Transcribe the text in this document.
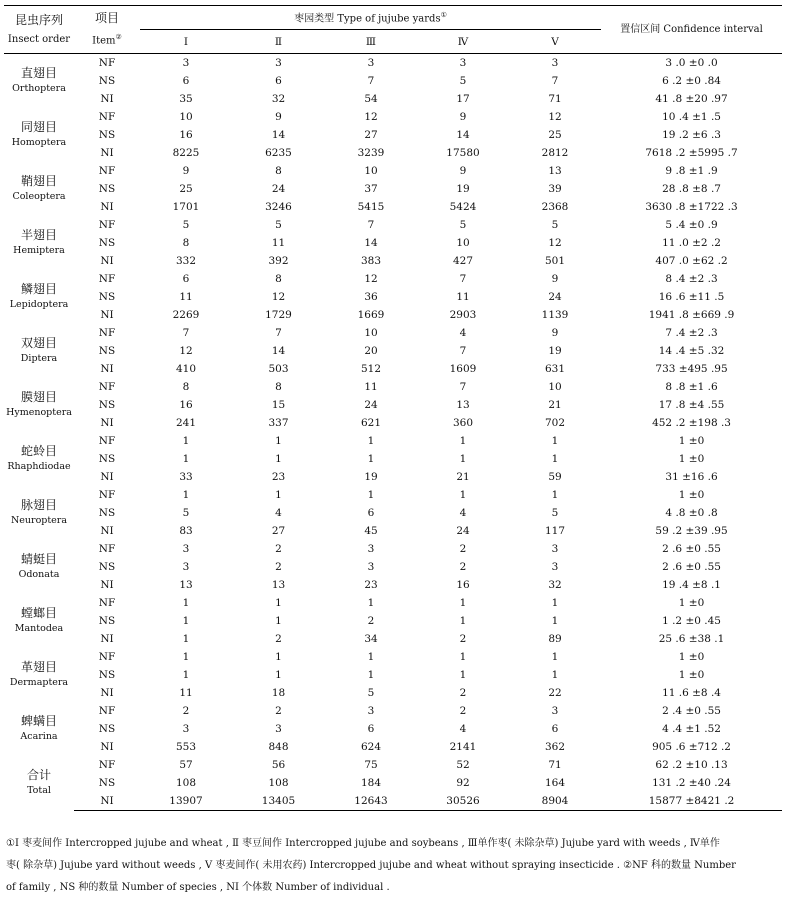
昆虫序列
Insect order	项目
Item②	枣园类型 Type of jujube yards①					置信区间 Confidence interval
		Ⅰ	Ⅱ	Ⅲ	Ⅳ	Ⅴ	

直翅目
Orthoptera	NF	3	3	3	3	3	3 .0 ±0 .0
	NS	6	6	7	5	7	6 .2 ±0 .84
	NI	35	32	54	17	71	41 .8 ±20 .97

同翅目
Homoptera	NF	10	9	12	9	12	10 .4 ±1 .5
	NS	16	14	27	14	25	19 .2 ±6 .3
	NI	8225	6235	3239	17580	2812	7618 .2 ±5995 .7

鞘翅目
Coleoptera	NF	9	8	10	9	13	9 .8 ±1 .9
	NS	25	24	37	19	39	28 .8 ±8 .7
	NI	1701	3246	5415	5424	2368	3630 .8 ±1722 .3

半翅目
Hemiptera	NF	5	5	7	5	5	5 .4 ±0 .9
	NS	8	11	14	10	12	11 .0 ±2 .2
	NI	332	392	383	427	501	407 .0 ±62 .2

鳞翅目
Lepidoptera	NF	6	8	12	7	9	8 .4 ±2 .3
	NS	11	12	36	11	24	16 .6 ±11 .5
	NI	2269	1729	1669	2903	1139	1941 .8 ±669 .9

双翅目
Diptera	NF	7	7	10	4	9	7 .4 ±2 .3
	NS	12	14	20	7	19	14 .4 ±5 .32
	NI	410	503	512	1609	631	733 ±495 .95

膜翅目
Hymenoptera	NF	8	8	11	7	10	8 .8 ±1 .6
	NS	16	15	24	13	21	17 .8 ±4 .55
	NI	241	337	621	360	702	452 .2 ±198 .3

蛇蛉目
Rhaphdiodae	NF	1	1	1	1	1	1 ±0
	NS	1	1	1	1	1	1 ±0
	NI	33	23	19	21	59	31 ±16 .6

脉翅目
Neuroptera	NF	1	1	1	1	1	1 ±0
	NS	5	4	6	4	5	4 .8 ±0 .8
	NI	83	27	45	24	117	59 .2 ±39 .95

蜻蜓目
Odonata	NF	3	2	3	2	3	2 .6 ±0 .55
	NS	3	2	3	2	3	2 .6 ±0 .55
	NI	13	13	23	16	32	19 .4 ±8 .1

螳螂目
Mantodea	NF	1	1	1	1	1	1 ±0
	NS	1	1	2	1	1	1 .2 ±0 .45
	NI	1	2	34	2	89	25 .6 ±38 .1

革翅目
Dermaptera	NF	1	1	1	1	1	1 ±0
	NS	1	1	1	1	1	1 ±0
	NI	11	18	5	2	22	11 .6 ±8 .4

蜱螨目
Acarina	NF	2	2	3	2	3	2 .4 ±0 .55
	NS	3	3	6	4	6	4 .4 ±1 .52
	NI	553	848	624	2141	362	905 .6 ±712 .2

合计
Total	NF	57	56	75	52	71	62 .2 ±10 .13
	NS	108	108	184	92	164	131 .2 ±40 .24
	NI	13907	13405	12643	30526	8904	15877 ±8421 .2

①Ⅰ 枣麦间作 Intercropped jujube and wheat , Ⅱ 枣豆间作 Intercropped jujube and soybeans , Ⅲ单作枣( 未除杂草) Jujube yard with weeds , Ⅳ单作

枣( 除杂草) Jujube yard without weeds , Ⅴ 枣麦间作( 未用农药) Intercropped jujube and wheat without spraying insecticide . ②NF 科的数量 Number

of family , NS 种的数量 Number of species , NI 个体数 Number of individual .
